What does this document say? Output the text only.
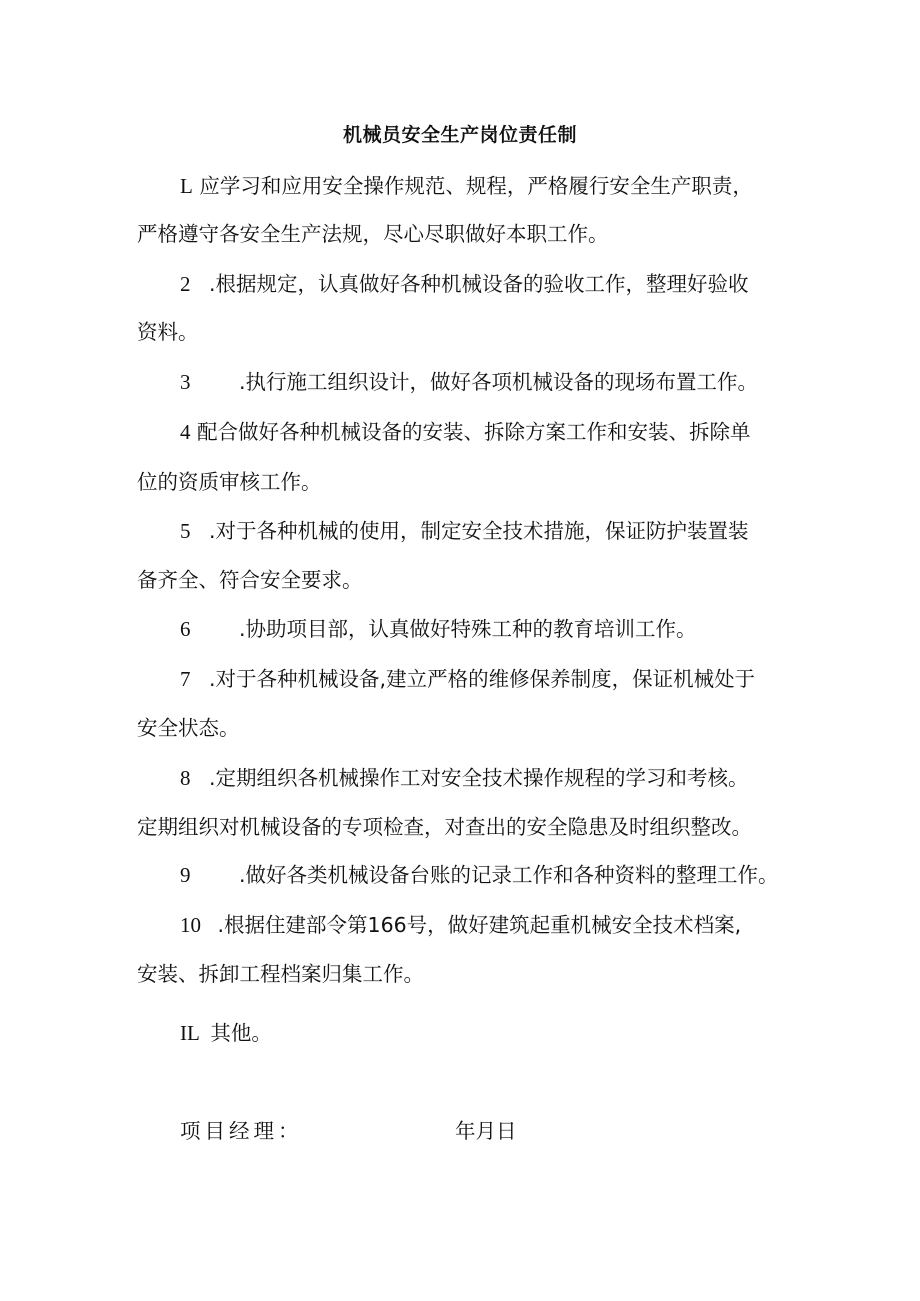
机械员安全生产岗位责任制
L 应学习和应用安全操作规范、规程，严格履行安全生产职责，
严格遵守各安全生产法规，尽心尽职做好本职工作。
2 .根据规定，认真做好各种机械设备的验收工作，整理好验收
资料。
3 .执行施工组织设计，做好各项机械设备的现场布置工作。
4 配合做好各种机械设备的安装、拆除方案工作和安装、拆除单
位的资质审核工作。
5 .对于各种机械的使用，制定安全技术措施，保证防护装置装
备齐全、符合安全要求。
6 .协助项目部，认真做好特殊工种的教育培训工作。
7 .对于各种机械设备,建立严格的维修保养制度，保证机械处于
安全状态。
8 .定期组织各机械操作工对安全技术操作规程的学习和考核。
定期组织对机械设备的专项检查，对查出的安全隐患及时组织整改。
9 .做好各类机械设备台账的记录工作和各种资料的整理工作。
10 .根据住建部令第166号，做好建筑起重机械安全技术档案,
安装、拆卸工程档案归集工作。
IL 其他。
项目经理：	年月日
